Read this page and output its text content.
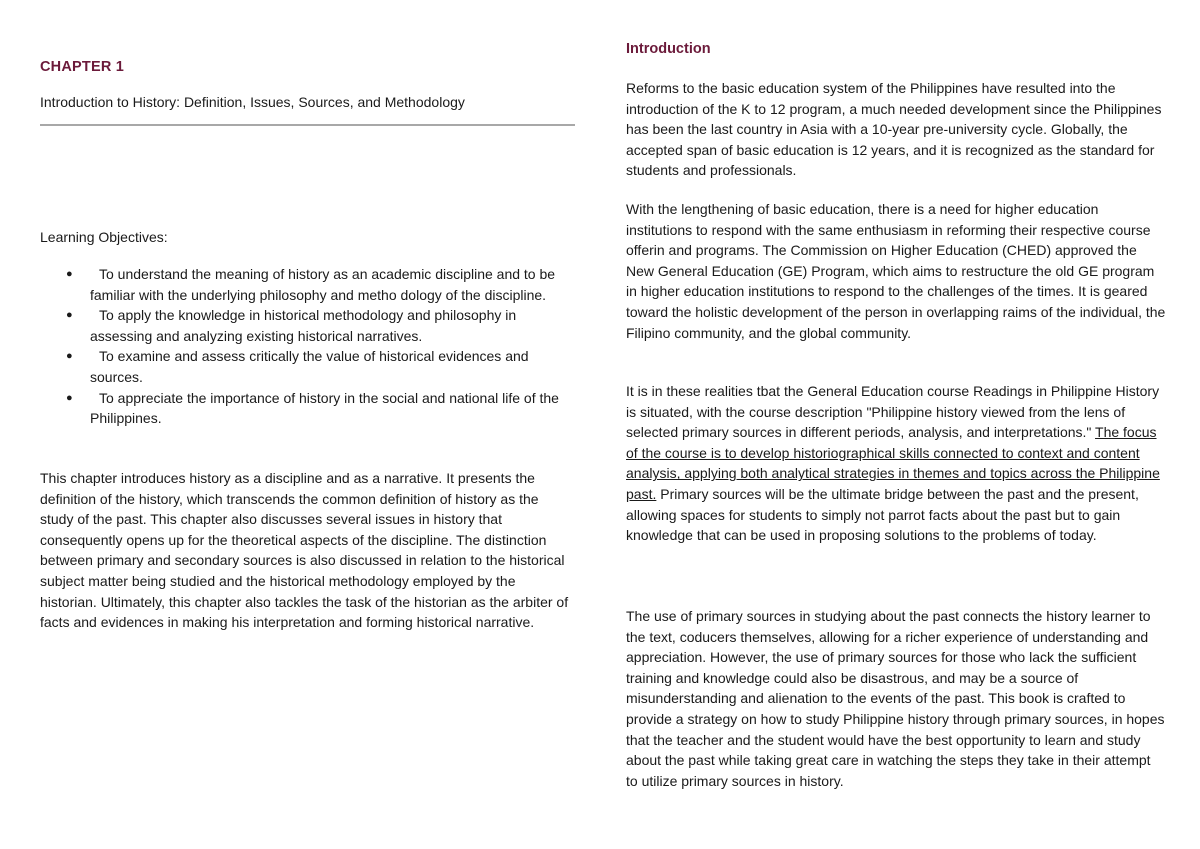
CHAPTER 1
Introduction to History: Definition, Issues, Sources, and Methodology
Learning Objectives:
● To understand the meaning of history as an academic discipline and to be familiar with the underlying philosophy and metho dology of the discipline.
● To apply the knowledge in historical methodology and philosophy in assessing and analyzing existing historical narratives.
● To examine and assess critically the value of historical evidences and sources.
● To appreciate the importance of history in the social and national life of the Philippines.

This chapter introduces history as a discipline and as a narrative. It presents the definition of the history, which transcends the common definition of history as the study of the past. This chapter also discusses several issues in history that consequently opens up for the theoretical aspects of the discipline. The distinction between primary and secondary sources is also discussed in relation to the historical subject matter being studied and the historical methodology employed by the historian. Ultimately, this chapter also tackles the task of the historian as the arbiter of facts and evidences in making his interpretation and forming historical narrative.

Introduction

Reforms to the basic education system of the Philippines have resulted into the introduction of the K to 12 program, a much needed development since the Philippines has been the last country in Asia with a 10-year pre-university cycle. Globally, the accepted span of basic education is 12 years, and it is recognized as the standard for students and professionals.

With the lengthening of basic education, there is a need for higher education institutions to respond with the same enthusiasm in reforming their respective course offerin and programs. The Commission on Higher Education (CHED) approved the New General Education (GE) Program, which aims to restructure the old GE program in higher education institutions to respond to the challenges of the times. It is geared toward the holistic development of the person in overlapping raims of the individual, the Filipino community, and the global community.

It is in these realities tbat the General Education course Readings in Philippine History is situated, with the course description "Philippine history viewed from the lens of selected primary sources in different periods, analysis, and interpretations." The focus of the course is to develop historiographical skills connected to context and content analysis, applying both analytical strategies in themes and topics across the Philippine past. Primary sources will be the ultimate bridge between the past and the present, allowing spaces for students to simply not parrot facts about the past but to gain knowledge that can be used in proposing solutions to the problems of today.

The use of primary sources in studying about the past connects the history learner to the text, coducers themselves, allowing for a richer experience of understanding and appreciation. However, the use of primary sources for those who lack the sufficient training and knowledge could also be disastrous, and may be a source of misunderstanding and alienation to the events of the past. This book is crafted to provide a strategy on how to study Philippine history through primary sources, in hopes that the teacher and the student would have the best opportunity to learn and study about the past while taking great care in watching the steps they take in their attempt to utilize primary sources in history.
